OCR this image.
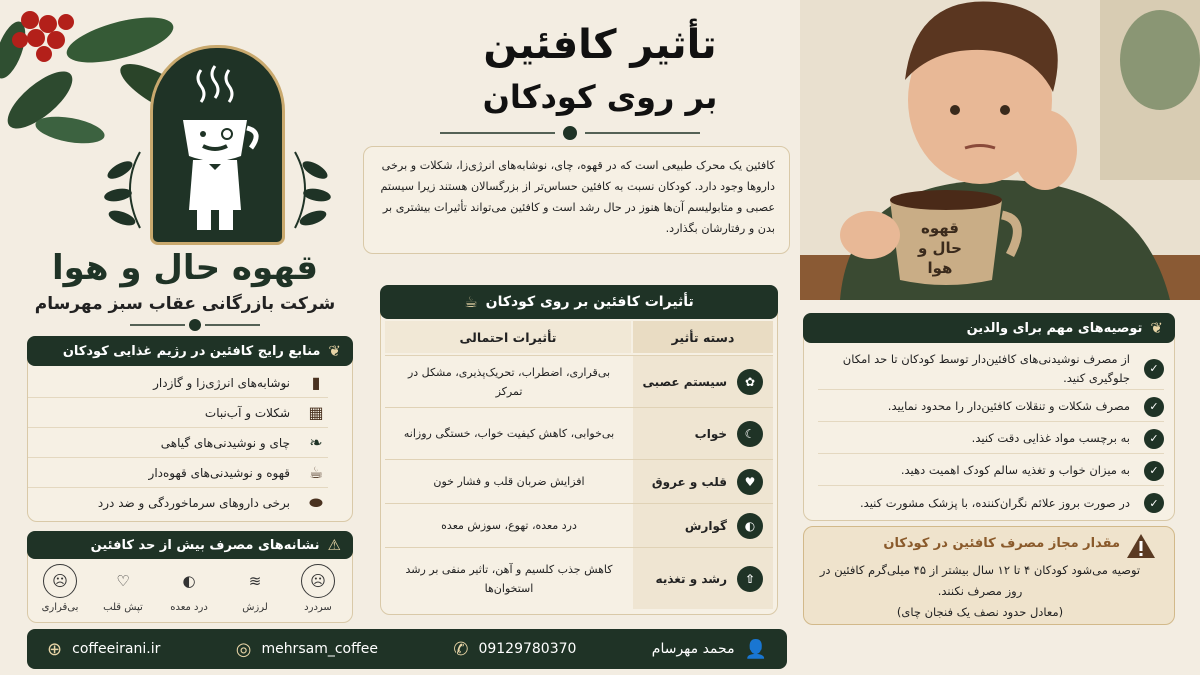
قهوه حال و هوا
شرکت بازرگانی عقاب سبز مهرسام
تأثیر کافئین
بر روی کودکان
کافئین یک محرک طبیعی است که در قهوه، چای، نوشابه‌های انرژی‌زا، شکلات و برخی داروها وجود دارد. کودکان نسبت به کافئین حساس‌تر از بزرگسالان هستند زیرا سیستم عصبی و متابولیسم آن‌ها هنوز در حال رشد است و کافئین می‌تواند تأثیرات بیشتری بر بدن و رفتارشان بگذارد.	قهوه
حال و هوا
❦
منابع رایج کافئین در رژیم غذایی کودکان
▮
نوشابه‌های انرژی‌زا و گازدار
▦
شکلات و آب‌نبات
❧
چای و نوشیدنی‌های گیاهی
☕
قهوه و نوشیدنی‌های قهوه‌دار
⬬
برخی داروهای سرماخوردگی و ضد درد
⚠
نشانه‌های مصرف بیش از حد کافئین
☹
سردرد
≋
لرزش
◐
درد معده
♡
تپش قلب
☹
بی‌قراری
تأثیرات کافئین بر روی کودکان
☕
دسته تأثیر
تأثیرات احتمالی
✿
سیستم عصبی
بی‌قراری، اضطراب، تحریک‌پذیری، مشکل در تمرکز
☾
خواب
بی‌خوابی، کاهش کیفیت خواب، خستگی روزانه
♥
قلب و عروق
افزایش ضربان قلب و فشار خون
◐
گوارش
درد معده، تهوع، سوزش معده
⇧
رشد و تغذیه
کاهش جذب کلسیم و آهن، تاثیر منفی بر رشد استخوان‌ها
❦
توصیه‌های مهم برای والدین
✓
از مصرف نوشیدنی‌های کافئین‌دار توسط کودکان تا حد امکان جلوگیری کنید.
✓
مصرف شکلات و تنقلات کافئین‌دار را محدود نمایید.
✓
به برچسب مواد غذایی دقت کنید.
✓
به میزان خواب و تغذیه سالم کودک اهمیت دهید.
✓
در صورت بروز علائم نگران‌کننده، با پزشک مشورت کنید.
مقدار مجاز مصرف کافئین در کودکان
توصیه می‌شود کودکان ۴ تا ۱۲ سال بیشتر از ۴۵ میلی‌گرم کافئین در روز مصرف نکنند.
(معادل حدود نصف یک فنجان چای)
محمد مهرسام 👤
✆ 09129780370
◎ mehrsam_coffee
⊕ coffeeirani.ir
